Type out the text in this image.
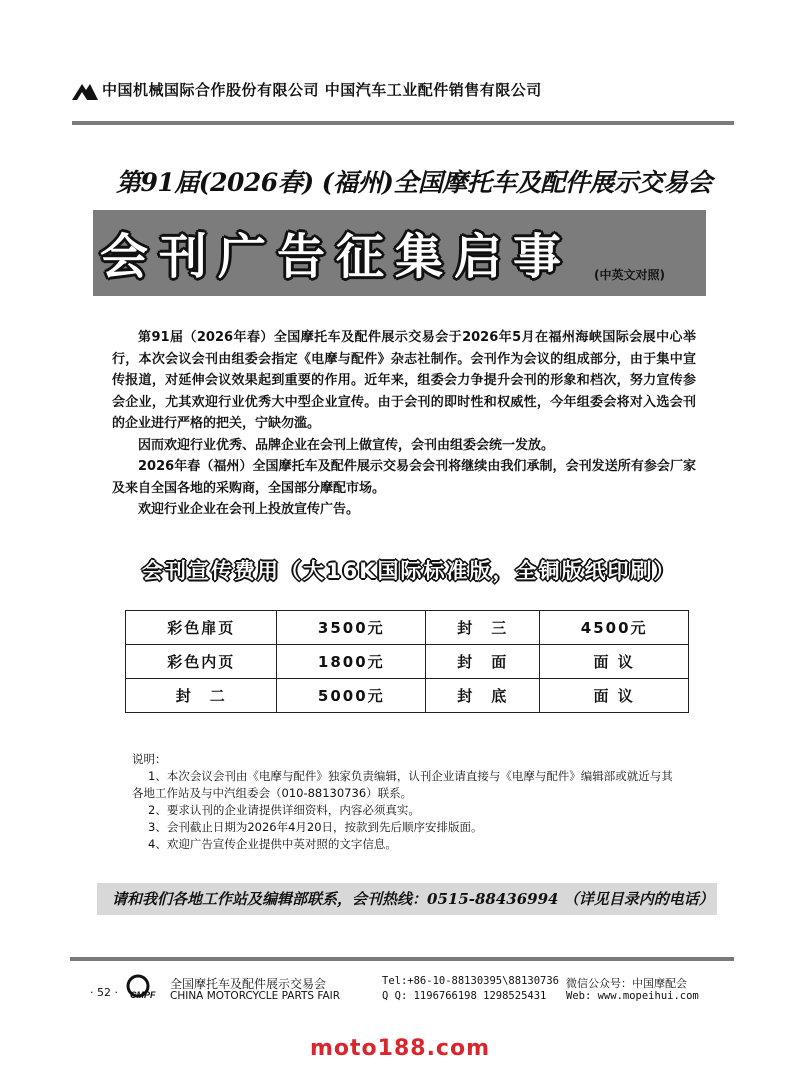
中国机械国际合作股份有限公司 中国汽车工业配件销售有限公司
第91届(2026春) (福州)全国摩托车及配件展示交易会
会刊广告征集启事 (中英文对照)

第91届（2026年春）全国摩托车及配件展示交易会于2026年5月在福州海峡国际会展中心举行，本次会议会刊由组委会指定《电摩与配件》杂志社制作。会刊作为会议的组成部分，由于集中宣传报道，对延伸会议效果起到重要的作用。近年来，组委会力争提升会刊的形象和档次，努力宣传参会企业，尤其欢迎行业优秀大中型企业宣传。由于会刊的即时性和权威性，今年组委会将对入选会刊的企业进行严格的把关，宁缺勿滥。

因而欢迎行业优秀、品牌企业在会刊上做宣传，会刊由组委会统一发放。

2026年春（福州）全国摩托车及配件展示交易会会刊将继续由我们承制，会刊发送所有参会厂家及来自全国各地的采购商，全国部分摩配市场。

欢迎行业企业在会刊上投放宣传广告。

会刊宣传费用（大16K国际标准版，全铜版纸印刷）
彩色扉页	3500元	封　三	4500元
彩色内页	1800元	封　面	面 议
封　二	5000元	封　底	面 议

说明：

1、本次会议会刊由《电摩与配件》独家负责编辑，认刊企业请直接与《电摩与配件》编辑部或就近与其

各地工作站及与中汽组委会（010-88130736）联系。

2、要求认刊的企业请提供详细资料，内容必须真实。

3、会刊截止日期为2026年4月20日，按款到先后顺序安排版面。

4、欢迎广告宣传企业提供中英对照的文字信息。

请和我们各地工作站及编辑部联系，会刊热线：0515-88436994 （详见目录内的电话）
· 52 · CMPF
全国摩托车及配件展示交易会
CHINA MOTORCYCLE PARTS FAIR
Tel:+86-10-88130395\88130736
Q Q: 1196766198 1298525431
微信公众号：中国摩配会
Web: www.mopeihui.com
moto188.com
